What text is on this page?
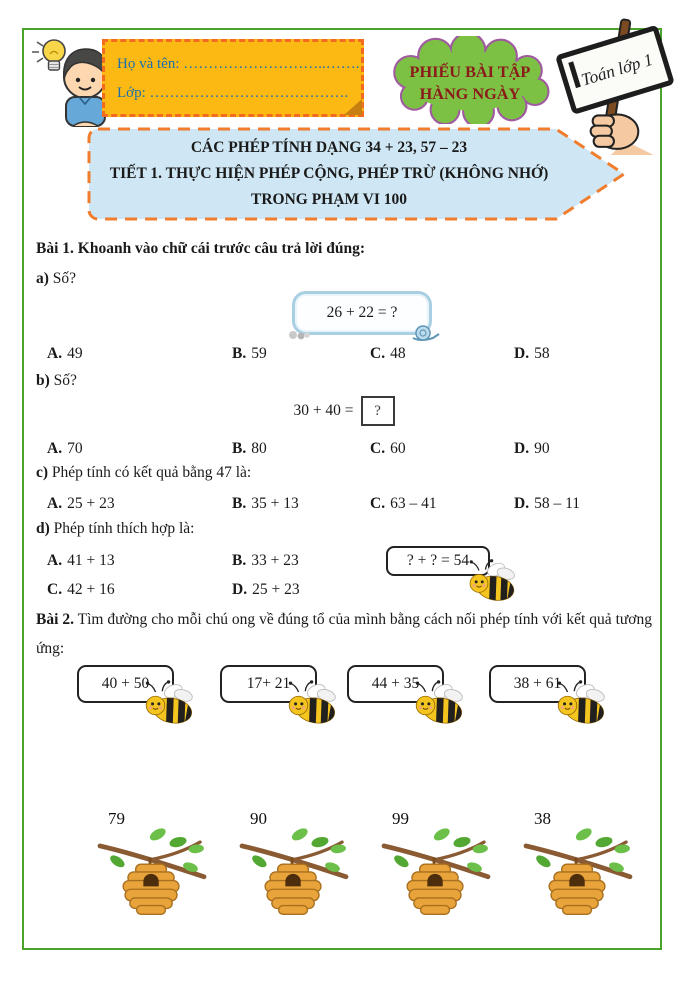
Họ và tên: ………………………..…….
Lớp: ………………………………….
PHIẾU BÀI TẬP
HÀNG NGÀY
Toán lớp 1
CÁC PHÉP TÍNH DẠNG 34 + 23, 57 – 23
TIẾT 1. THỰC HIỆN PHÉP CỘNG, PHÉP TRỪ (KHÔNG NHỚ)
TRONG PHẠM VI 100
Bài 1. Khoanh vào chữ cái trước câu trả lời đúng:
a) Số?
26 + 22 = ?
A. 49	B. 59	C. 48	D. 58
b) Số?
30 + 40 =	?
A. 70	B. 80	C. 60	D. 90
c) Phép tính có kết quả bằng 47 là:
A. 25 + 23	B. 35 + 13	C. 63 – 41	D. 58 – 11
d) Phép tính thích hợp là:
A. 41 + 13	B. 33 + 23	? + ? = 54
C. 42 + 16	D. 25 + 23
Bài 2. Tìm đường cho mỗi chú ong về đúng tổ của mình bằng cách nối phép tính với kết quả tương ứng:
40 + 50	17+ 21	44 + 35	38 + 61
79	90	99	38
